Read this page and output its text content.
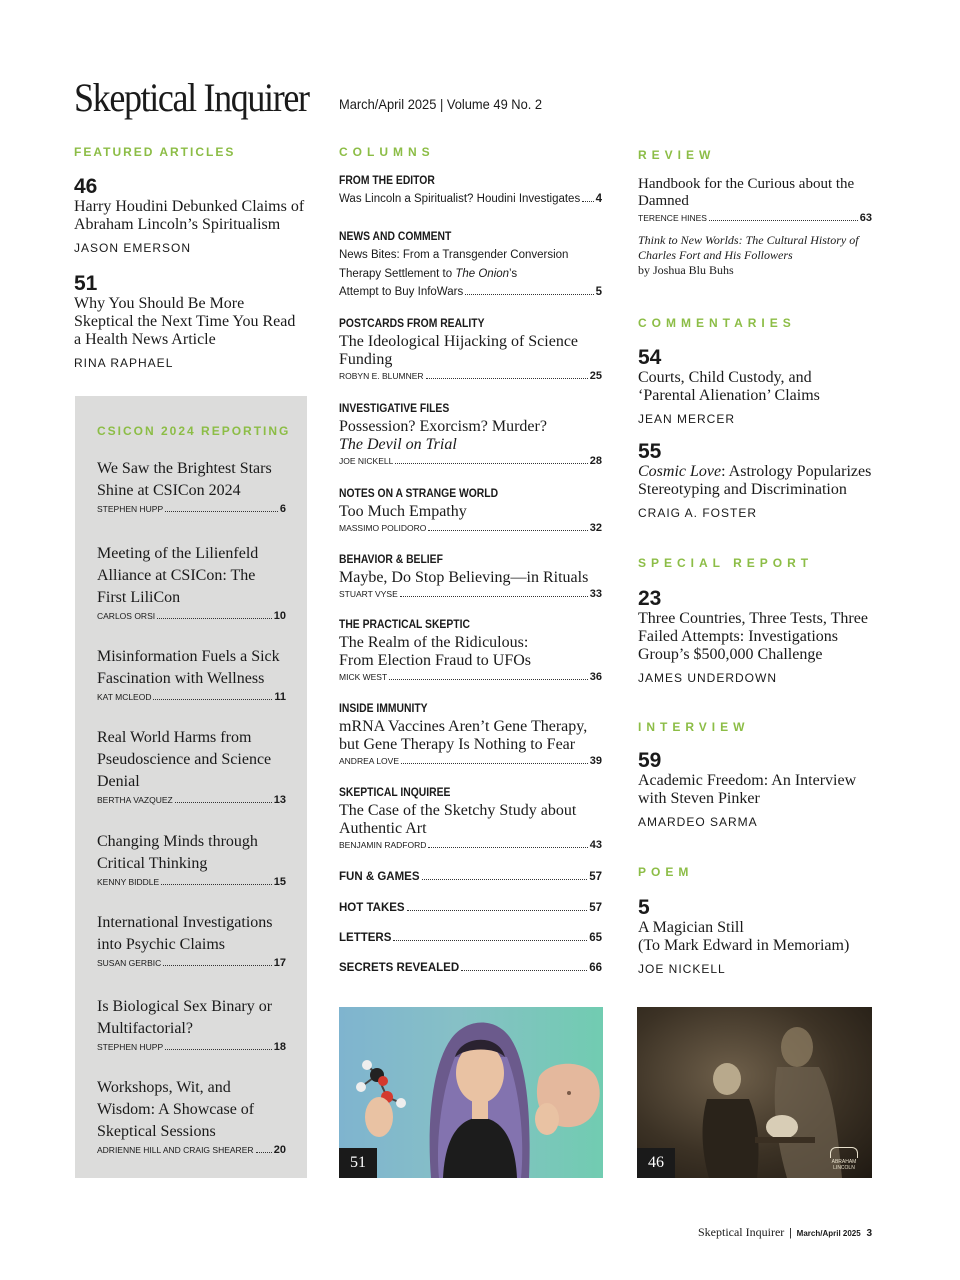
Skeptical Inquirer March/April 2025 | Volume 49 No. 2
FEATURED ARTICLES
46
Harry Houdini Debunked Claims of Abraham Lincoln’s Spiritualism
JASON EMERSON
51
Why You Should Be More Skeptical the Next Time You Read a Health News Article
RINA RAPHAEL
CSICON 2024 REPORTING
We Saw the Brightest Stars Shine at CSICon 2024
STEPHEN HUPP	6
Meeting of the Lilienfeld Alliance at CSICon: The First LiliCon
CARLOS ORSI	10
Misinformation Fuels a Sick Fascination with Wellness
KAT MCLEOD	11
Real World Harms from Pseudoscience and Science Denial
BERTHA VAZQUEZ	13
Changing Minds through Critical Thinking
KENNY BIDDLE	15
International Investigations into Psychic Claims
SUSAN GERBIC	17
Is Biological Sex Binary or Multifactorial?
STEPHEN HUPP	18
Workshops, Wit, and Wisdom: A Showcase of Skeptical Sessions
ADRIENNE HILL AND CRAIG SHEARER 20
COLUMNS
FROM THE EDITOR
Was Lincoln a Spiritualist? Houdini Investigates 4
NEWS AND COMMENT
News Bites: From a Transgender Conversion
Therapy Settlement to The Onion’s
Attempt to Buy InfoWars	5
POSTCARDS FROM REALITY
The Ideological Hijacking of Science Funding
ROBYN E. BLUMNER	25
INVESTIGATIVE FILES
Possession? Exorcism? Murder?
The Devil on Trial
JOE NICKELL	28
NOTES ON A STRANGE WORLD
Too Much Empathy
MASSIMO POLIDORO	32
BEHAVIOR & BELIEF
Maybe, Do Stop Believing—in Rituals
STUART VYSE	33
THE PRACTICAL SKEPTIC
The Realm of the Ridiculous: From Election Fraud to UFOs
MICK WEST	36
INSIDE IMMUNITY
mRNA Vaccines Aren’t Gene Therapy, but Gene Therapy Is Nothing to Fear
ANDREA LOVE	39
SKEPTICAL INQUIREE
The Case of the Sketchy Study about Authentic Art
BENJAMIN RADFORD	43
FUN & GAMES	57
HOT TAKES	57
LETTERS	65
SECRETS REVEALED	66
51
REVIEW
Handbook for the Curious about the Damned
TERENCE HINES	63
Think to New Worlds: The Cultural History of Charles Fort and His Followers
by Joshua Blu Buhs
COMMENTARIES
54
Courts, Child Custody, and ‘Parental Alienation’ Claims
JEAN MERCER
55
Cosmic Love: Astrology Popularizes Stereotyping and Discrimination
CRAIG A. FOSTER
SPECIAL REPORT
23
Three Countries, Three Tests, Three Failed Attempts: Investigations Group’s $500,000 Challenge
JAMES UNDERDOWN
INTERVIEW
59
Academic Freedom: An Interview with Steven Pinker
AMARDEO SARMA
POEM
5
A Magician Still
(To Mark Edward in Memoriam)
JOE NICKELL
ABRAHAM LINCOLN
46
Skeptical Inquirer | March/April 2025 3
